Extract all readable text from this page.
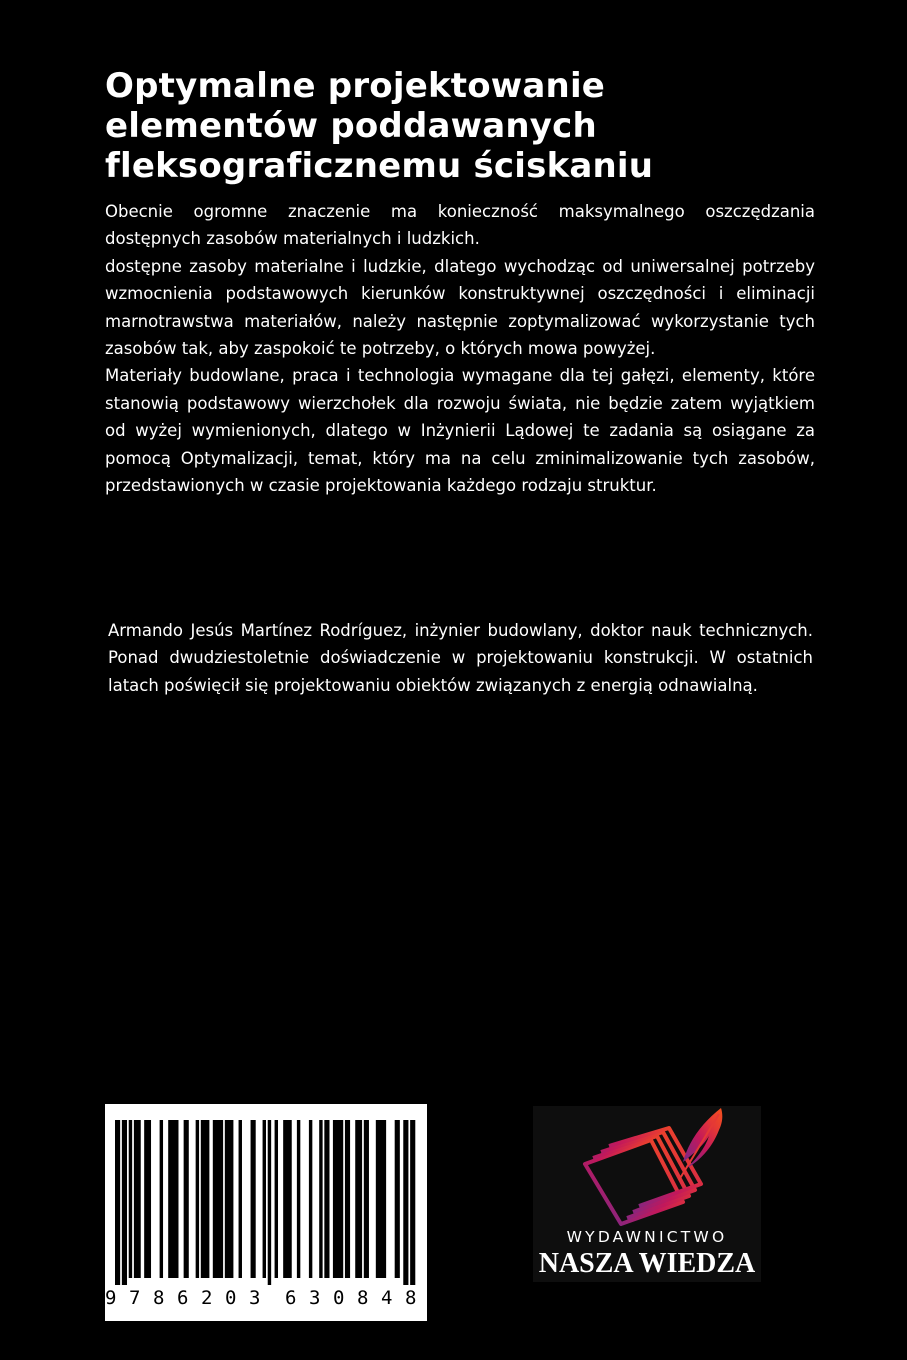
Optymalne projektowanie
elementów poddawanych
fleksograficznemu ściskaniu

Obecnie ogromne znaczenie ma konieczność maksymalnego oszczędzania dostępnych zasobów materialnych i ludzkich.

dostępne zasoby materialne i ludzkie, dlatego wychodząc od uniwersalnej potrzeby wzmocnienia podstawowych kierunków konstruktywnej oszczędności i eliminacji marnotrawstwa materiałów, należy następnie zoptymalizować wykorzystanie tych zasobów tak, aby zaspokoić te potrzeby, o których mowa powyżej.

Materiały budowlane, praca i technologia wymagane dla tej gałęzi, elementy, które stanowią podstawowy wierzchołek dla rozwoju świata, nie będzie zatem wyjątkiem od wyżej wymienionych, dlatego w Inżynierii Lądowej te zadania są osiągane za pomocą Optymalizacji, temat, który ma na celu zminimalizowanie tych zasobów, przedstawionych w czasie projektowania każdego rodzaju struktur.

Armando Jesús Martínez Rodríguez, inżynier budowlany, doktor nauk technicznych. Ponad dwudziestoletnie doświadczenie w projektowaniu konstrukcji. W ostatnich latach poświęcił się projektowaniu obiektów związanych z energią odnawialną.
9 7 8 6 2 0 3 6 3 0 8 4 8
WYDAWNICTWO
NASZA WIEDZA
